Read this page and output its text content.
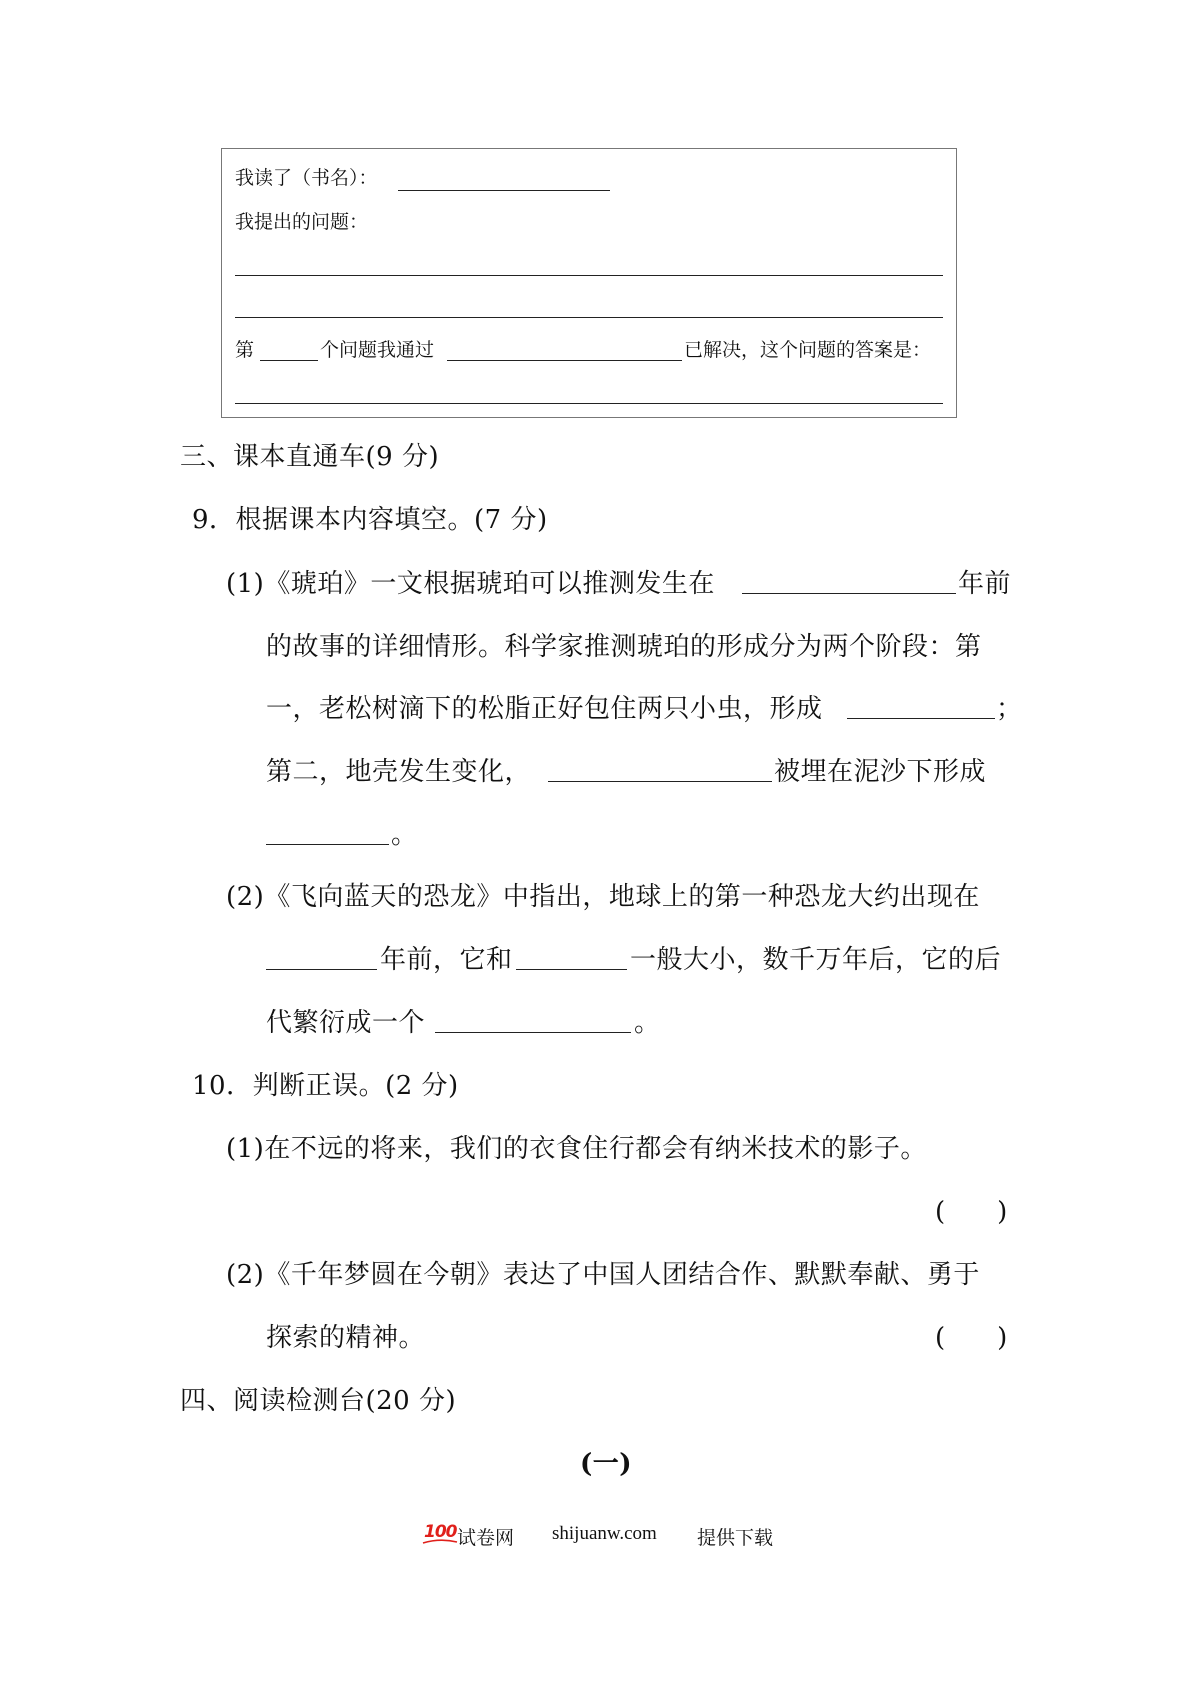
我读了（书名）：
我提出的问题：
第	个问题我通过	已解决，这个问题的答案是：
三、课本直通车(9 分)
9．根据课本内容填空。(7 分)
(1)《琥珀》一文根据琥珀可以推测发生在	年前
的故事的详细情形。科学家推测琥珀的形成分为两个阶段：第
一，老松树滴下的松脂正好包住两只小虫，形成	；
第二，地壳发生变化，	被埋在泥沙下形成
。
(2)《飞向蓝天的恐龙》中指出，地球上的第一种恐龙大约出现在
年前，它和	一般大小，数千万年后，它的后
代繁衍成一个	。
10．判断正误。(2 分)
(1)在不远的将来，我们的衣食住行都会有纳米技术的影子。
(　　)
(2)《千年梦圆在今朝》表达了中国人团结合作、默默奉献、勇于
探索的精神。	(　　)
四、阅读检测台(20 分)
(一)
100 试卷网 shijuanw.com 提供下载
